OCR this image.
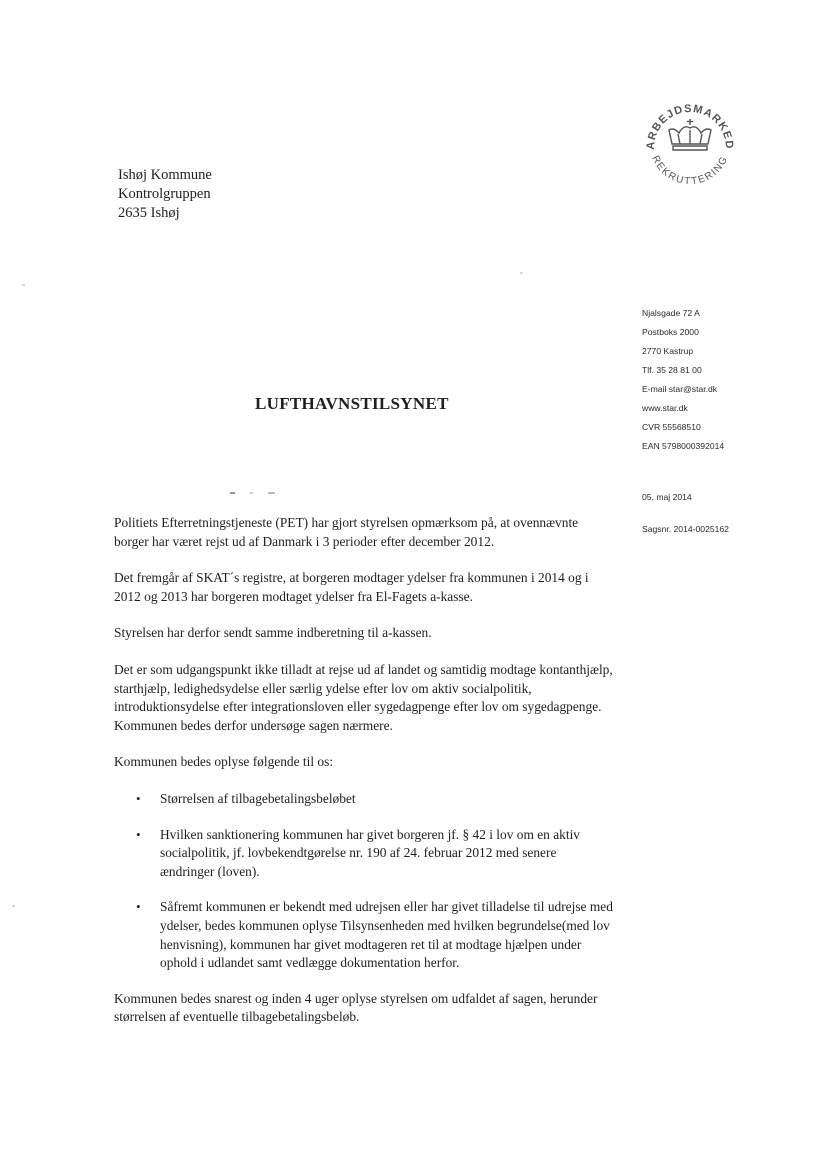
Ishøj Kommune
Kontrolgruppen
2635 Ishøj
ARBEJDSMARKED
REKRUTTERING
Njalsgade 72 A
Postboks 2000
2770 Kastrup
Tlf. 35 28 81 00
E-mail star@star.dk
www.star.dk
CVR 55568510
EAN 5798000392014
05. maj 2014
Sagsnr. 2014-0025162
LUFTHAVNSTILSYNET

Politiets Efterretningstjeneste (PET) har gjort styrelsen opmærksom på, at ovennævnte borger har været rejst ud af Danmark i 3 perioder efter december 2012.

Det fremgår af SKAT´s registre, at borgeren modtager ydelser fra kommunen i 2014 og i 2012 og 2013 har borgeren modtaget ydelser fra El-Fagets a-kasse.

Styrelsen har derfor sendt samme indberetning til a-kassen.

Det er som udgangspunkt ikke tilladt at rejse ud af landet og samtidig modtage kontanthjælp, starthjælp, ledighedsydelse eller særlig ydelse efter lov om aktiv socialpolitik, introduktionsydelse efter integrationsloven eller sygedagpenge efter lov om sygedagpenge. Kommunen bedes derfor undersøge sagen nærmere.

Kommunen bedes oplyse følgende til os:

• Størrelsen af tilbagebetalingsbeløbet
• Hvilken sanktionering kommunen har givet borgeren jf. § 42 i lov om en aktiv socialpolitik, jf. lovbekendtgørelse nr. 190 af 24. februar 2012 med senere ændringer (loven).
• Såfremt kommunen er bekendt med udrejsen eller har givet tilladelse til udrejse med ydelser, bedes kommunen oplyse Tilsynsenheden med hvilken begrundelse(med lov henvisning), kommunen har givet modtageren ret til at modtage hjælpen under ophold i udlandet samt vedlægge dokumentation herfor.

Kommunen bedes snarest og inden 4 uger oplyse styrelsen om udfaldet af sagen, herunder størrelsen af eventuelle tilbagebetalingsbeløb.
